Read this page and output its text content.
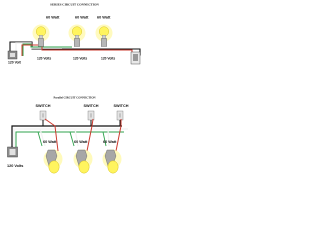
SERIES CIRCUIT CONNECTION
120 Volt
60 Watt	60 Watt 60 Watt
120 Volts	120 Volts	120 Volts
Parallel CIRCUIT CONNECTION
120 Volts
SWITCH	SWITCH	SWITCH
60 Watt	60 Watt	60 Watt
